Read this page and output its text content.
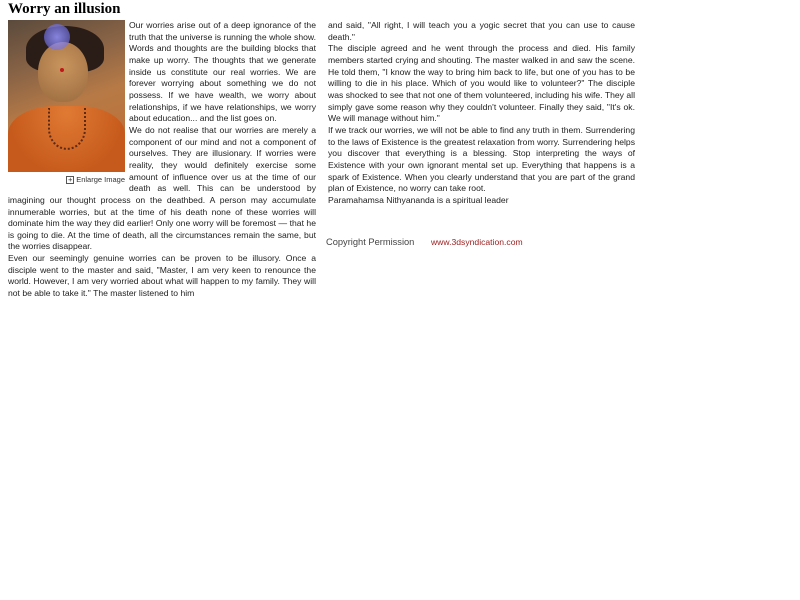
Worry an illusion
+ Enlarge Image

Our worries arise out of a deep ignorance of the truth that the universe is running the whole show. Words and thoughts are the building blocks that make up worry. The thoughts that we generate inside us constitute our real worries. We are forever worrying about something we do not possess. If we have wealth, we worry about relationships, if we have relationships, we worry about education... and the list goes on.

We do not realise that our worries are merely a component of our mind and not a component of ourselves. They are illusionary. If worries were reality, they would definitely exercise some amount of influence over us at the time of our death as well. This can be understood by imagining our thought process on the deathbed. A person may accumulate innumerable worries, but at the time of his death none of these worries will dominate him the way they did earlier! Only one worry will be foremost — that he is going to die. At the time of death, all the circumstances remain the same, but the worries disappear.

Even our seemingly genuine worries can be proven to be illusory. Once a disciple went to the master and said, "Master, I am very keen to renounce the world. However, I am very worried about what will happen to my family. They will not be able to take it." The master listened to him

and said, "All right, I will teach you a yogic secret that you can use to cause death."

The disciple agreed and he went through the process and died. His family members started crying and shouting. The master walked in and saw the scene. He told them, "I know the way to bring him back to life, but one of you has to be willing to die in his place. Which of you would like to volunteer?" The disciple was shocked to see that not one of them volunteered, including his wife. They all simply gave some reason why they couldn't volunteer. Finally they said, "It's ok. We will manage without him."

If we track our worries, we will not be able to find any truth in them. Surrendering to the laws of Existence is the greatest relaxation from worry. Surrendering helps you discover that everything is a blessing. Stop interpreting the ways of Existence with your own ignorant mental set up. Everything that happens is a spark of Existence. When you clearly understand that you are part of the grand plan of Existence, no worry can take root.

Paramahamsa Nithyananda is a spiritual leader

Copyright Permission www.3dsyndication.com
